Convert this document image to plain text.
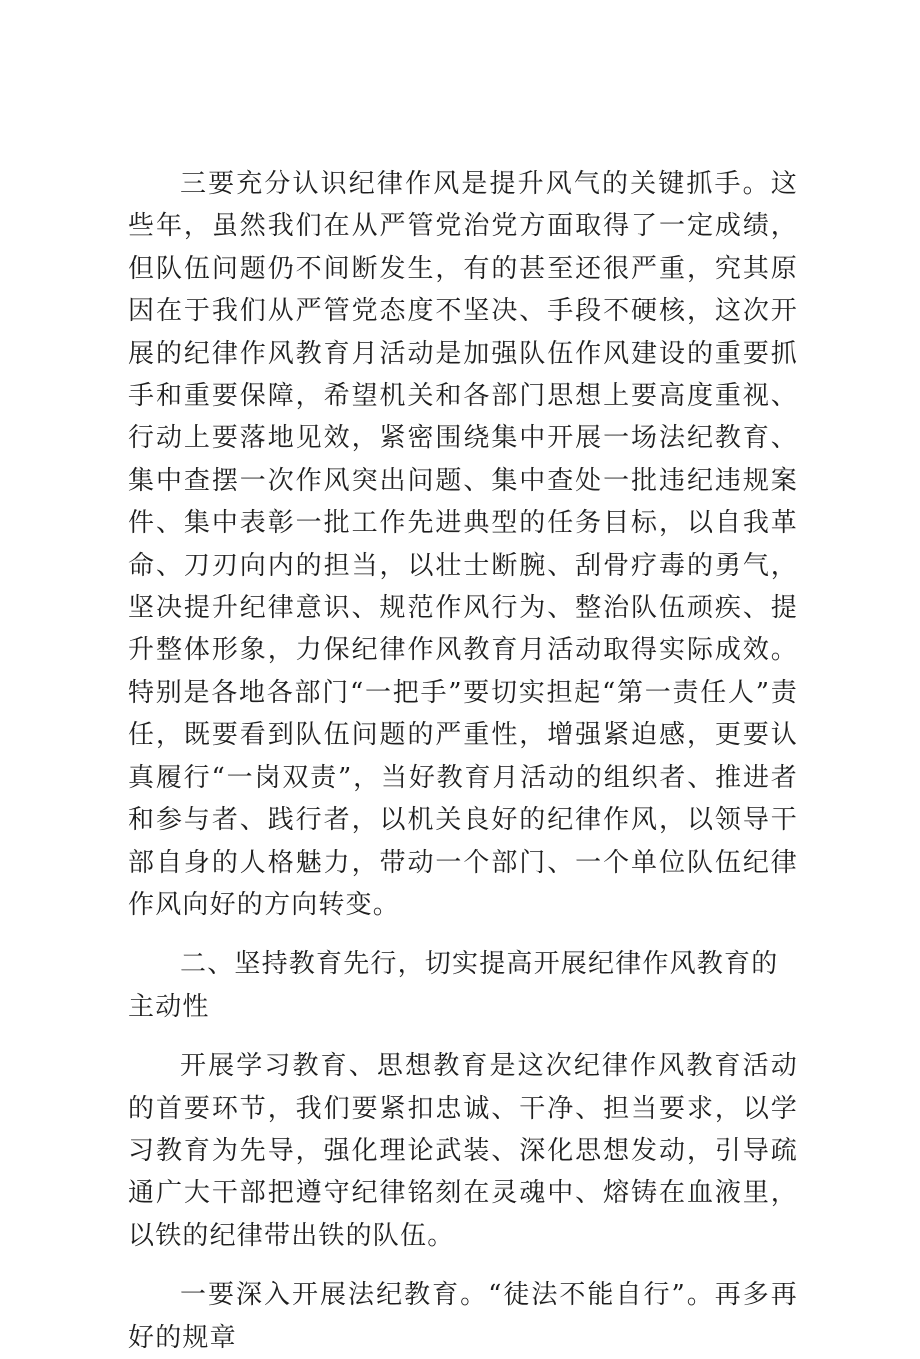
三要充分认识纪律作风是提升风气的关键抓手。这些年，虽然我们在从严管党治党方面取得了一定成绩，但队伍问题仍不间断发生，有的甚至还很严重，究其原因在于我们从严管党态度不坚决、手段不硬核，这次开展的纪律作风教育月活动是加强队伍作风建设的重要抓手和重要保障，希望机关和各部门思想上要高度重视、行动上要落地见效，紧密围绕集中开展一场法纪教育、集中查摆一次作风突出问题、集中查处一批违纪违规案件、集中表彰一批工作先进典型的任务目标，以自我革命、刀刃向内的担当，以壮士断腕、刮骨疗毒的勇气，坚决提升纪律意识、规范作风行为、整治队伍顽疾、提升整体形象，力保纪律作风教育月活动取得实际成效。特别是各地各部门“一把手”要切实担起“第一责任人”责任，既要看到队伍问题的严重性，增强紧迫感，更要认真履行“一岗双责”，当好教育月活动的组织者、推进者和参与者、践行者，以机关良好的纪律作风，以领导干部自身的人格魅力，带动一个部门、一个单位队伍纪律作风向好的方向转变。

二、坚持教育先行，切实提高开展纪律作风教育的主动性

开展学习教育、思想教育是这次纪律作风教育活动的首要环节，我们要紧扣忠诚、干净、担当要求，以学习教育为先导，强化理论武装、深化思想发动，引导疏通广大干部把遵守纪律铭刻在灵魂中、熔铸在血液里，以铁的纪律带出铁的队伍。

一要深入开展法纪教育。“徒法不能自行”。再多再好的规章
